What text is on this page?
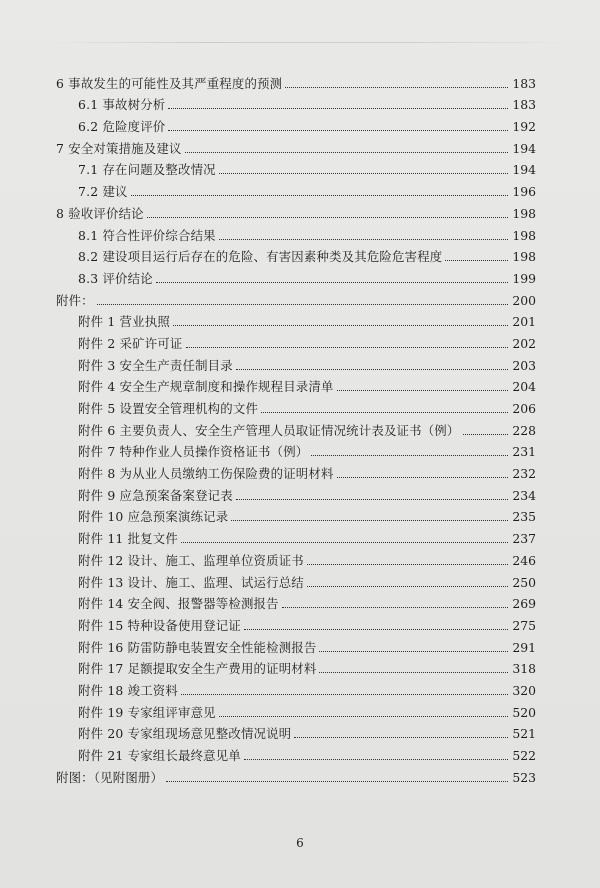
6 事故发生的可能性及其严重程度的预测	183
6.1 事故树分析	183
6.2 危险度评价	192
7 安全对策措施及建议	194
7.1 存在问题及整改情况	194
7.2 建议	196
8 验收评价结论	198
8.1 符合性评价综合结果	198
8.2 建设项目运行后存在的危险、有害因素种类及其危险危害程度	198
8.3 评价结论	199
附件：	200
附件 1 营业执照	201
附件 2 采矿许可证	202
附件 3 安全生产责任制目录	203
附件 4 安全生产规章制度和操作规程目录清单	204
附件 5 设置安全管理机构的文件	206
附件 6 主要负责人、安全生产管理人员取证情况统计表及证书（例）	228
附件 7 特种作业人员操作资格证书（例）	231
附件 8 为从业人员缴纳工伤保险费的证明材料	232
附件 9 应急预案备案登记表	234
附件 10 应急预案演练记录	235
附件 11 批复文件	237
附件 12 设计、施工、监理单位资质证书	246
附件 13 设计、施工、监理、试运行总结	250
附件 14 安全阀、报警器等检测报告	269
附件 15 特种设备使用登记证	275
附件 16 防雷防静电装置安全性能检测报告	291
附件 17 足额提取安全生产费用的证明材料	318
附件 18 竣工资料	320
附件 19 专家组评审意见	520
附件 20 专家组现场意见整改情况说明	521
附件 21 专家组长最终意见单	522
附图：（见附图册）	523
6
